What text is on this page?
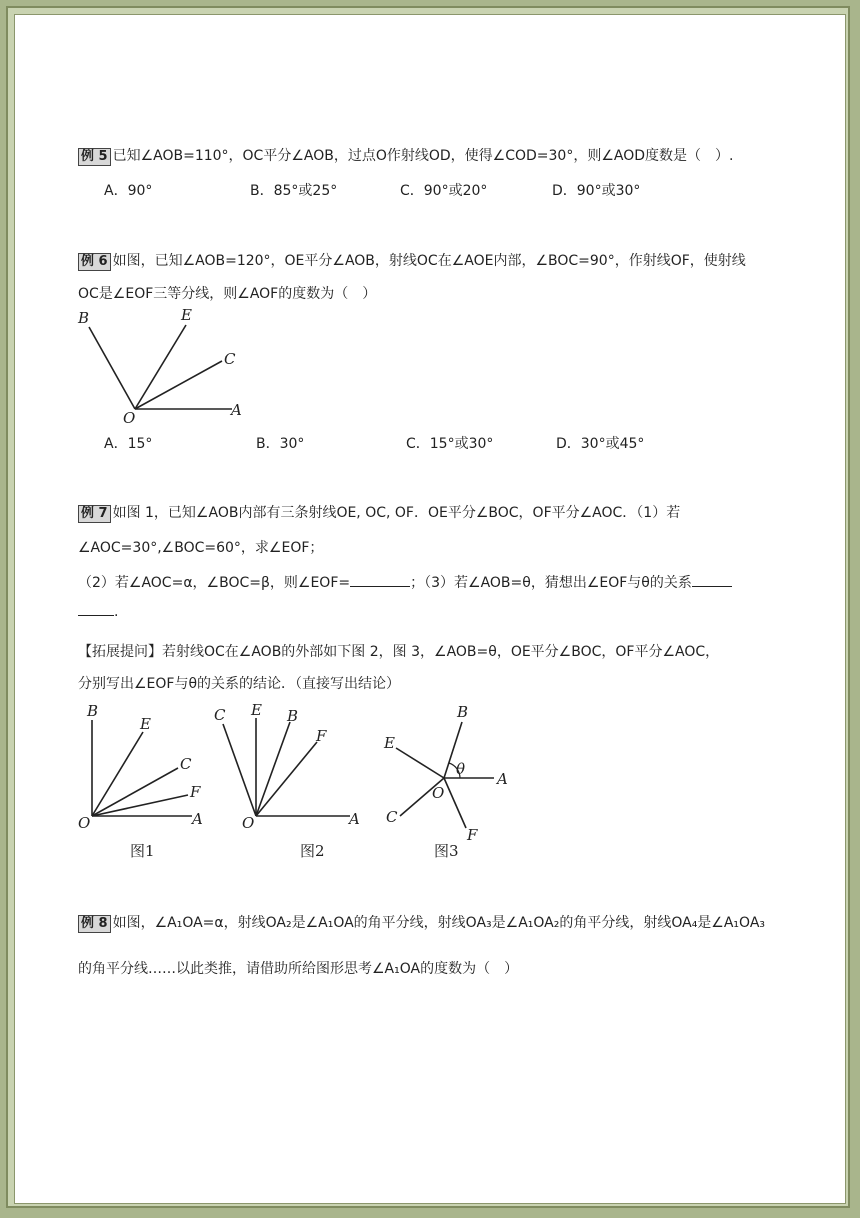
例 5 已知∠AOB=110°，OC平分∠AOB，过点O作射线OD，使得∠COD=30°，则∠AOD度数是（　）.
A．90°	B．85°或25°	C．90°或20°	D．90°或30°
例 6 如图，已知∠AOB=120°，OE平分∠AOB，射线OC在∠AOE内部，∠BOC=90°，作射线OF，使射线
OC是∠EOF三等分线，则∠AOF的度数为（　）
B	E
C
O	A
A．15°	B．30°	C．15°或30°	D．30°或45°
例 7 如图 1，已知∠AOB内部有三条射线OE, OC, OF．OE平分∠BOC，OF平分∠AOC．（1）若
∠AOC=30°,∠BOC=60°，求∠EOF；
（2）若∠AOC=α，∠BOC=β，则∠EOF=	；（3）若∠AOB=θ，猜想出∠EOF与θ的关系
.
【拓展提问】若射线OC在∠AOB的外部如下图 2，图 3，∠AOB=θ，OE平分∠BOC，OF平分∠AOC，
分别写出∠EOF与θ的关系的结论．（直接写出结论）
B
E
C
F
O	A
图1
C E B
F
O	A
图2
B
E
θ
A
O
C
F
图3
例 8 如图，∠A₁OA=α，射线OA₂是∠A₁OA的角平分线，射线OA₃是∠A₁OA₂的角平分线，射线OA₄是∠A₁OA₃
的角平分线……以此类推，请借助所给图形思考∠A₁OA的度数为（　）
